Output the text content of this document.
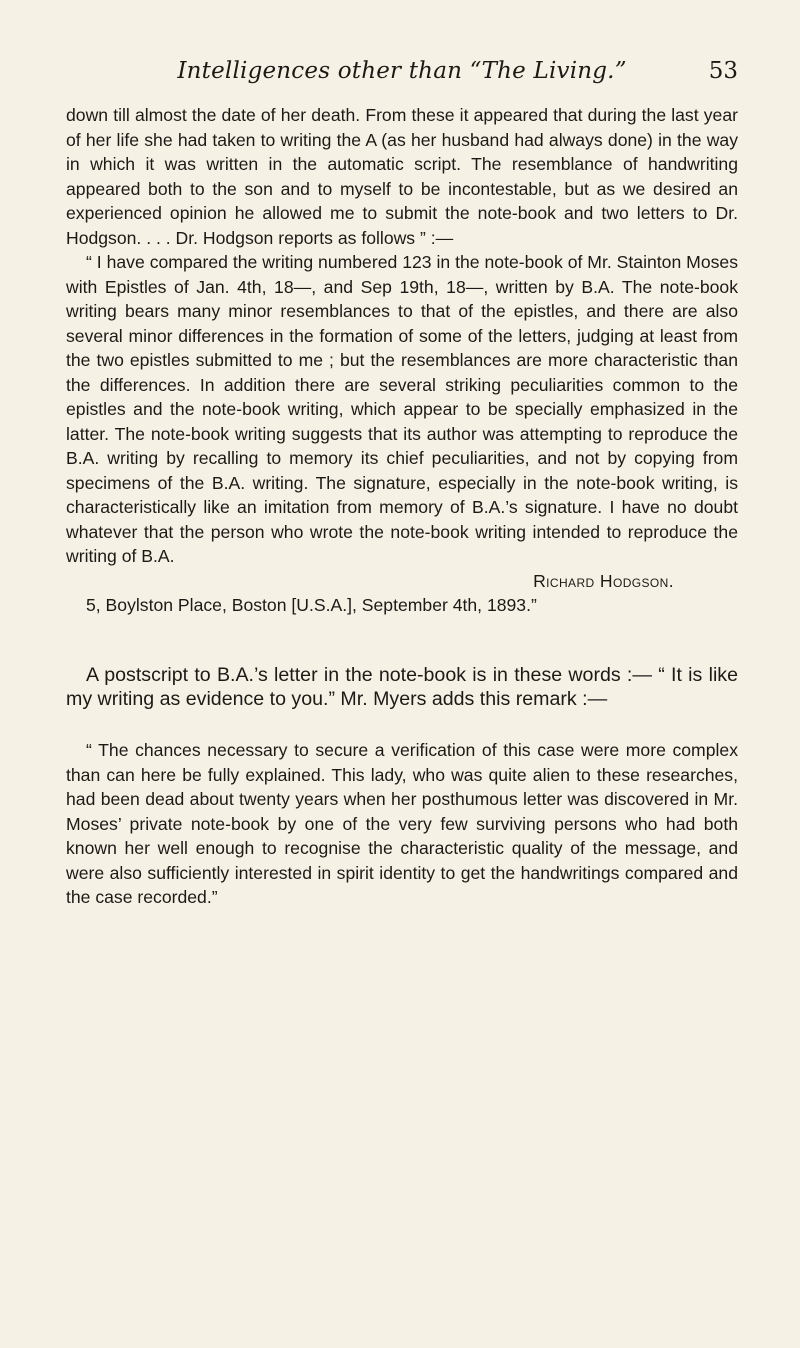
Intelligences other than “The Living.”	53

down till almost the date of her death. From these it appeared that during the last year of her life she had taken to writing the A (as her husband had always done) in the way in which it was written in the automatic script. The resemblance of handwriting appeared both to the son and to myself to be incontestable, but as we desired an experienced opinion he allowed me to submit the note-book and two letters to Dr. Hodgson. . . . Dr. Hodgson reports as follows ” :—

“ I have compared the writing numbered 123 in the note-book of Mr. Stainton Moses with Epistles of Jan. 4th, 18—, and Sep 19th, 18—, written by B.A. The note-book writing bears many minor resemblances to that of the epistles, and there are also several minor differences in the formation of some of the letters, judging at least from the two epistles submitted to me ; but the resemblances are more characteristic than the differences. In addition there are several striking peculiarities common to the epistles and the note-book writing, which appear to be specially emphasized in the latter. The note-book writing suggests that its author was attempting to reproduce the B.A. writing by recalling to memory its chief peculiarities, and not by copying from specimens of the B.A. writing. The signature, especially in the note-book writing, is characteristically like an imitation from memory of B.A.’s signature. I have no doubt whatever that the person who wrote the note-book writing intended to reproduce the writing of B.A.

Richard Hodgson.

5, Boylston Place, Boston [U.S.A.], September 4th, 1893.”

A postscript to B.A.’s letter in the note-book is in these words :— “ It is like my writing as evidence to you.” Mr. Myers adds this remark :—

“ The chances necessary to secure a verification of this case were more complex than can here be fully explained. This lady, who was quite alien to these researches, had been dead about twenty years when her posthumous letter was discovered in Mr. Moses’ private note-book by one of the very few surviving persons who had both known her well enough to recognise the characteristic quality of the message, and were also sufficiently interested in spirit identity to get the handwritings compared and the case recorded.”
